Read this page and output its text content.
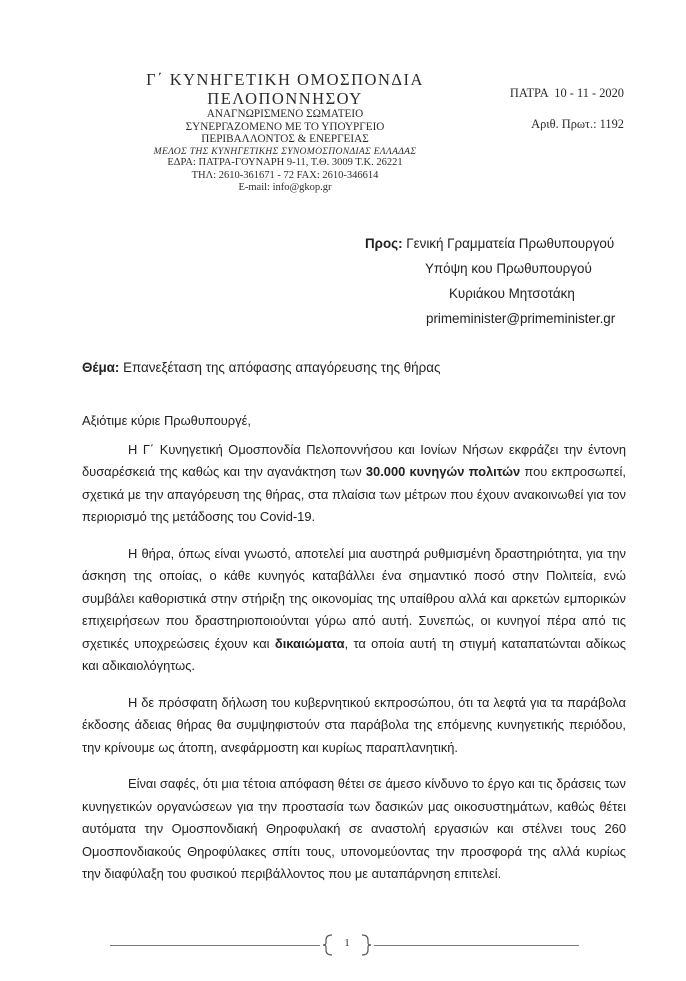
Γ΄ ΚΥΝΗΓΕΤΙΚΗ ΟΜΟΣΠΟΝΔΙΑ
ΠΕΛΟΠΟΝΝΗΣΟΥ
ΑΝΑΓΝΩΡΙΣΜΕΝΟ ΣΩΜΑΤΕΙΟ
ΣΥΝΕΡΓΑΖΟΜΕΝΟ ΜΕ ΤΟ ΥΠΟΥΡΓΕΙΟ
ΠΕΡΙΒΑΛΛΟΝΤΟΣ & ΕΝΕΡΓΕΙΑΣ
ΜΕΛΟΣ ΤΗΣ ΚΥΝΗΓΕΤΙΚΗΣ ΣΥΝΟΜΟΣΠΟΝΔΙΑΣ ΕΛΛΑΔΑΣ
ΕΔΡΑ: ΠΑΤΡΑ-ΓΟΥΝΑΡΗ 9-11, Τ.Θ. 3009 Τ.Κ. 26221
ΤΗΛ: 2610-361671 - 72 FAX: 2610-346614
E-mail: info@gkop.gr
ΠΑΤΡΑ  10 - 11 - 2020
Αριθ. Πρωτ.: 1192
Προς: Γενική Γραμματεία Πρωθυπουργού
Υπόψη κου Πρωθυπουργού
Κυριάκου Μητσοτάκη
primeminister@primeminister.gr
Θέμα: Επανεξέταση της απόφασης απαγόρευσης της θήρας

Αξιότιμε κύριε Πρωθυπουργέ,

Η Γ΄ Κυνηγετική Ομοσπονδία Πελοποννήσου και Ιονίων Νήσων εκφράζει την έντονη δυσαρέσκειά της καθώς και την αγανάκτηση των 30.000 κυνηγών πολιτών που εκπροσωπεί, σχετικά με την απαγόρευση της θήρας, στα πλαίσια των μέτρων που έχουν ανακοινωθεί για τον περιορισμό της μετάδοσης του Covid-19.

Η θήρα, όπως είναι γνωστό, αποτελεί μια αυστηρά ρυθμισμένη δραστηριότητα, για την άσκηση της οποίας, ο κάθε κυνηγός καταβάλλει ένα σημαντικό ποσό στην Πολιτεία, ενώ συμβάλει καθοριστικά στην στήριξη της οικονομίας της υπαίθρου αλλά και αρκετών εμπορικών επιχειρήσεων που δραστηριοποιούνται γύρω από αυτή. Συνεπώς, οι κυνηγοί πέρα από τις σχετικές υποχρεώσεις έχουν και δικαιώματα, τα οποία αυτή τη στιγμή καταπατώνται αδίκως και αδικαιολόγητως.

Η δε πρόσφατη δήλωση του κυβερνητικού εκπροσώπου, ότι τα λεφτά για τα παράβολα έκδοσης άδειας θήρας θα συμψηφιστούν στα παράβολα της επόμενης κυνηγετικής περιόδου, την κρίνουμε ως άτοπη, ανεφάρμοστη και κυρίως παραπλανητική.

Είναι σαφές, ότι μια τέτοια απόφαση θέτει σε άμεσο κίνδυνο το έργο και τις δράσεις των κυνηγετικών οργανώσεων για την προστασία των δασικών μας οικοσυστημάτων, καθώς θέτει αυτόματα την Ομοσπονδιακή Θηροφυλακή σε αναστολή εργασιών και στέλνει τους 260 Ομοσπονδιακούς Θηροφύλακες σπίτι τους, υπονομεύοντας την προσφορά της αλλά κυρίως την διαφύλαξη του φυσικού περιβάλλοντος που με αυταπάρνηση επιτελεί.

1
